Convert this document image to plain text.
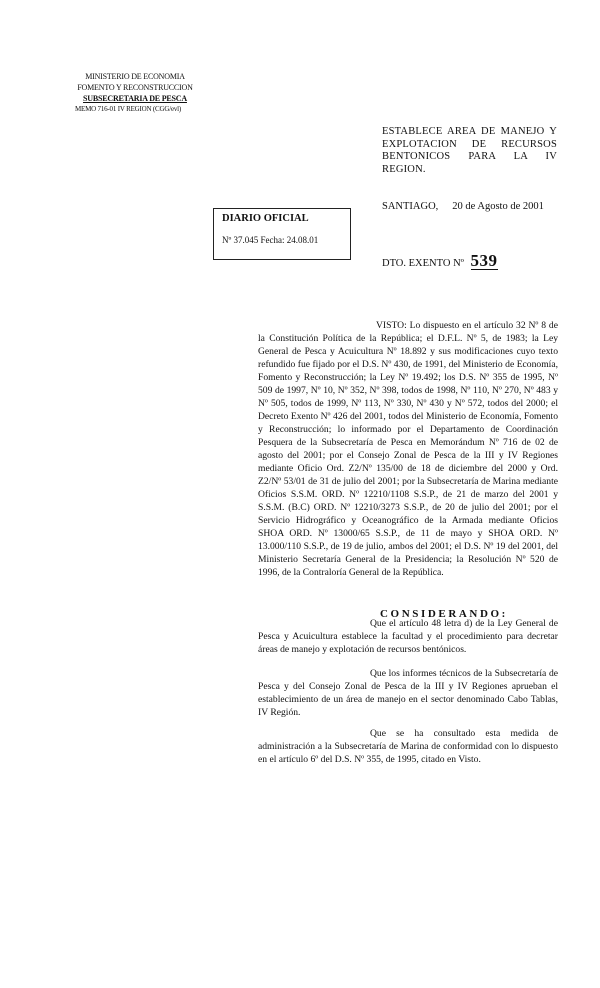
MINISTERIO DE ECONOMIA
FOMENTO Y RECONSTRUCCION
SUBSECRETARIA DE PESCA
MEMO 716-01 IV REGION (CGG/evl)
ESTABLECE AREA DE MANEJO Y EXPLOTACION DE RECURSOS BENTONICOS PARA LA IV REGION.
SANTIAGO, 20 de Agosto de 2001
DIARIO OFICIAL
Nº 37.045 Fecha: 24.08.01
DTO. EXENTO Nº 539
VISTO: Lo dispuesto en el artículo 32 Nº 8 de la Constitución Política de la República; el D.F.L. Nº 5, de 1983; la Ley General de Pesca y Acuicultura Nº 18.892 y sus modificaciones cuyo texto refundido fue fijado por el D.S. Nº 430, de 1991, del Ministerio de Economía, Fomento y Reconstrucción; la Ley Nº 19.492; los D.S. Nº 355 de 1995, Nº 509 de 1997, Nº 10, Nº 352, Nº 398, todos de 1998, Nº 110, Nº 270, Nº 483 y Nº 505, todos de 1999, Nº 113, Nº 330, Nº 430 y Nº 572, todos del 2000; el Decreto Exento Nº 426 del 2001, todos del Ministerio de Economía, Fomento y Reconstrucción; lo informado por el Departamento de Coordinación Pesquera de la Subsecretaría de Pesca en Memorándum Nº 716 de 02 de agosto del 2001; por el Consejo Zonal de Pesca de la III y IV Regiones mediante Oficio Ord. Z2/Nº 135/00 de 18 de diciembre del 2000 y Ord. Z2/Nº 53/01 de 31 de julio del 2001; por la Subsecretaría de Marina mediante Oficios S.S.M. ORD. Nº 12210/1108 S.S.P., de 21 de marzo del 2001 y S.S.M. (B.C) ORD. Nº 12210/3273 S.S.P., de 20 de julio del 2001; por el Servicio Hidrográfico y Oceanográfico de la Armada mediante Oficios SHOA ORD. Nº 13000/65 S.S.P., de 11 de mayo y SHOA ORD. Nº 13.000/110 S.S.P., de 19 de julio, ambos del 2001; el D.S. Nº 19 del 2001, del Ministerio Secretaría General de la Presidencia; la Resolución Nº 520 de 1996, de la Contraloría General de la República.
CONSIDERANDO:
Que el artículo 48 letra d) de la Ley General de Pesca y Acuicultura establece la facultad y el procedimiento para decretar áreas de manejo y explotación de recursos bentónicos.
Que los informes técnicos de la Subsecretaría de Pesca y del Consejo Zonal de Pesca de la III y IV Regiones aprueban el establecimiento de un área de manejo en el sector denominado Cabo Tablas, IV Región.
Que se ha consultado esta medida de administración a la Subsecretaría de Marina de conformidad con lo dispuesto en el artículo 6º del D.S. Nº 355, de 1995, citado en Visto.
